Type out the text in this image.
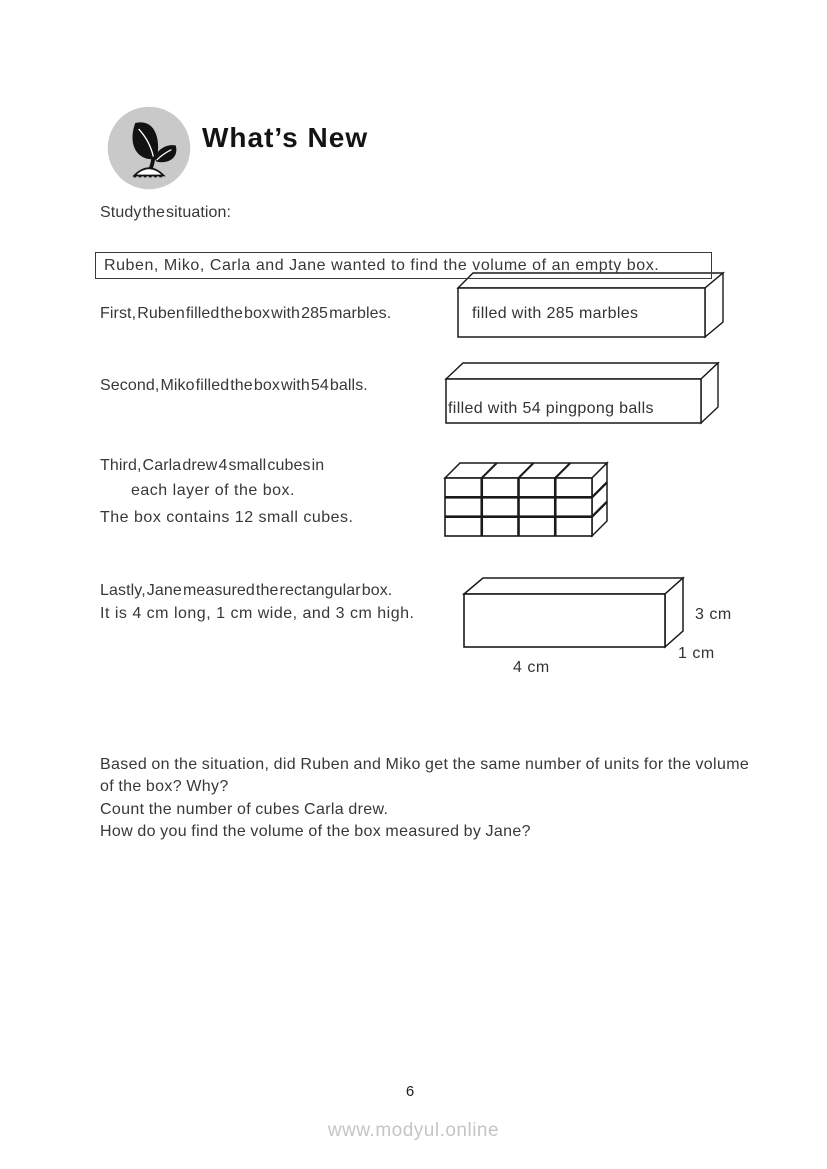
What’s New
Study the situation:
filled with 285 marbles
First, Ruben filled the box with 285 marbles.
filled with 54 pingpong balls
Second, Miko filled the box with 54 balls.
Third, Carla drew 4 small cubes in
each layer of the box.
The box contains 12 small cubes.
Lastly, Jane measured the rectangular box.
It is 4 cm long, 1 cm wide, and 3 cm high.	3 cm
1 cm
4 cm
Ruben, Miko, Carla and Jane wanted to find the volume of an empty box.
Based on the situation, did Ruben and Miko get the same number of units for the volume of the box? Why?
Count the number of cubes Carla drew.
How do you find the volume of the box measured by Jane?
6
www.modyul.online
